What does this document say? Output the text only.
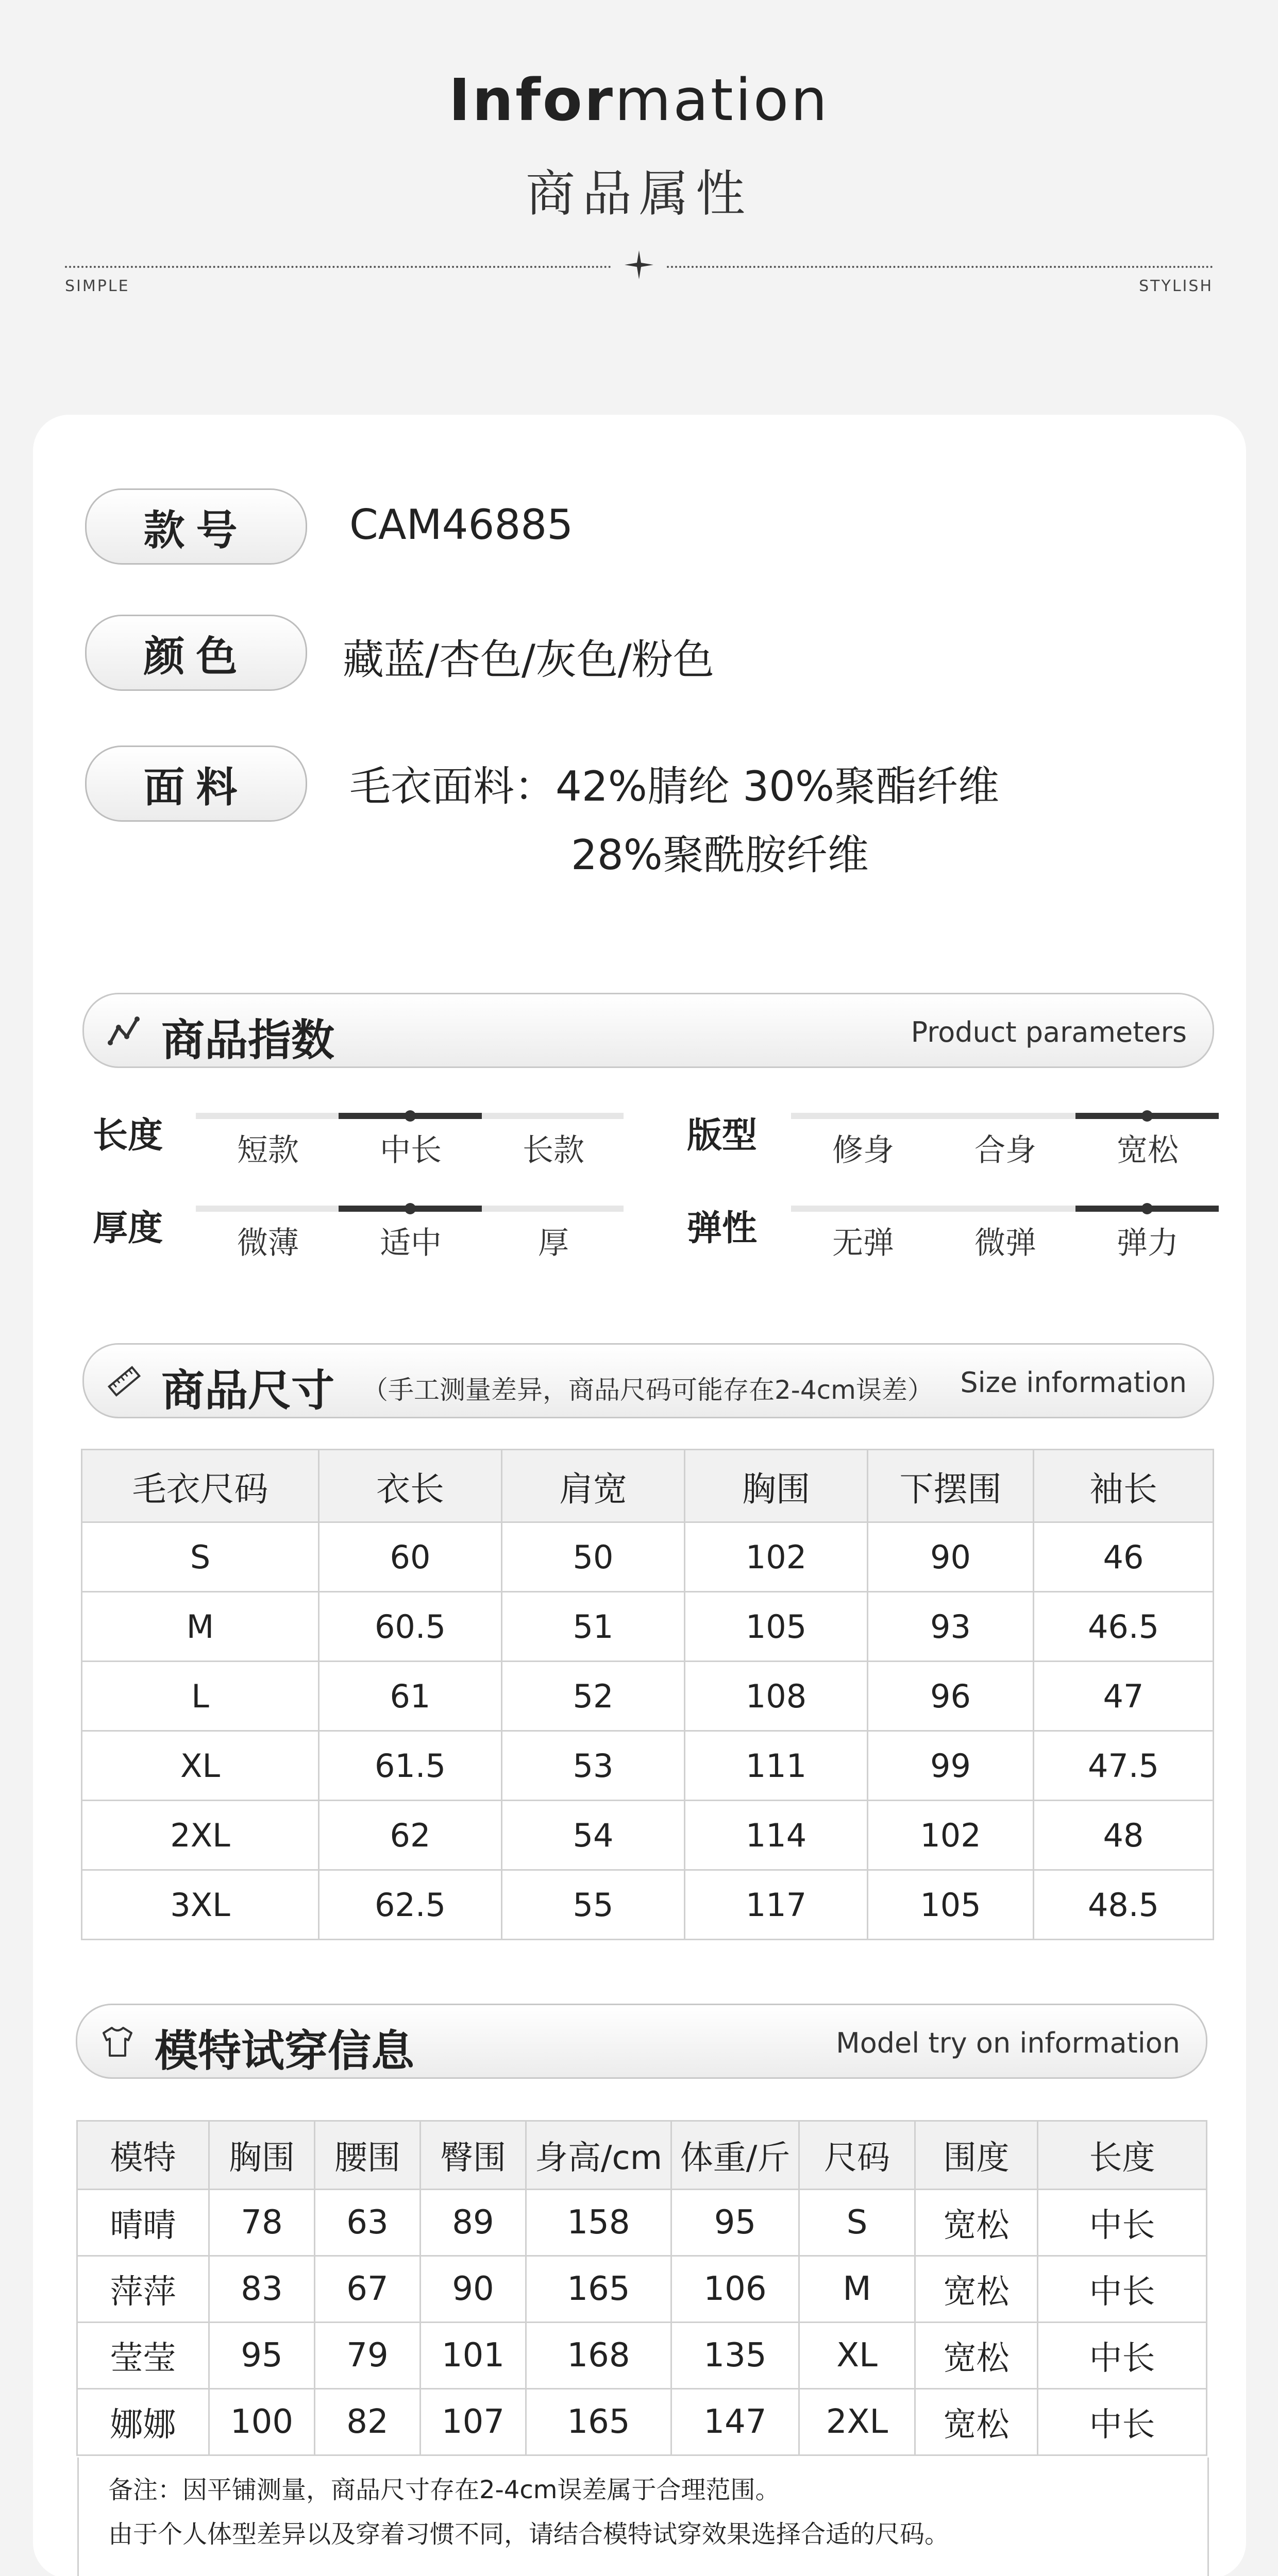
Information
商品属性
SIMPLE	STYLISH
款号	CAM46885
颜色	藏蓝/杏色/灰色/粉色
面料	毛衣面料：42%腈纶 30%聚酯纤维
28%聚酰胺纤维
商品指数	Product parameters
长度	短款	中长	长款	版型	修身	合身	宽松
厚度	微薄	适中	厚	弹性	无弹	微弹	弹力
商品尺寸 （手工测量差异，商品尺码可能存在2-4cm误差） Size information
毛衣尺码	衣长	肩宽	胸围	下摆围	袖长
S	60	50	102	90	46
M	60.5	51	105	93	46.5
L	61	52	108	96	47
XL	61.5	53	111	99	47.5
2XL	62	54	114	102	48
3XL	62.5	55	117	105	48.5
模特试穿信息	Model try on information
模特	胸围	腰围	臀围	身高/cm	体重/斤	尺码	围度	长度
晴晴	78	63	89	158	95	S	宽松	中长
萍萍	83	67	90	165	106	M	宽松	中长
莹莹	95	79	101	168	135	XL	宽松	中长
娜娜	100	82	107	165	147	2XL	宽松	中长
备注：因平铺测量，商品尺寸存在2-4cm误差属于合理范围。
由于个人体型差异以及穿着习惯不同，请结合模特试穿效果选择合适的尺码。
